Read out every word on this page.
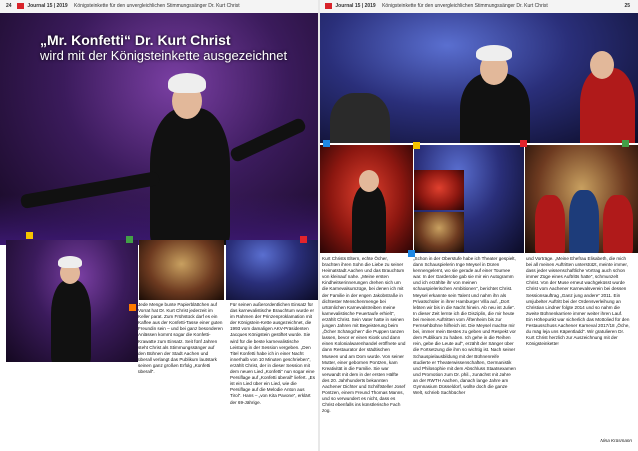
24	Journal 15 | 2019 Königsteinkette für den unvergleichlichen Stimmungssänger Dr. Kurt Christ	Journal 15 | 2019 Königsteinkette für den unvergleichlichen Stimmungssänger Dr. Kurt Christ	25
„Mr. Konfetti“ Dr. Kurt Christ
wird mit der Königsteinkette ausgezeichnet
Jede Menge bunte Papierblättchen auf Vorrat hat Dr. Kurt Christ jederzeit im Keller parat. Zum Frühstück darf es ein Kaffee aus der Konfetti-Tasse einer guten Freundin sein – und bei ganz besonderen Anlässen kommt sogar die Konfetti-Krawatte zum Einsatz. Seit fünf Jahren steht Christ als Stimmungssänger auf den Bühnen der Stadt Aachen und überall verlangt das Publikum lautstark seinen ganz großen Erfolg „Konfetti überall“.
Für seinen außerordentlichen Einsatz für das karnevalistische Brauchtum wurde er im Rahmen der Prinzenproklamation mit der Königstein-Kette ausgezeichnet, die 1993 vom damaligen AKV-Präsidenten Jacques Königstein gestiftet wurde. Sie wird für die beste karnevalistische Leistung in der Session vergeben. „Den Titel Konfetti habe ich in einer Nacht innerhalb von 10 Minuten geschrieben“, erzählt Christ, der in dieser Session mit dem neuen Lied „Konfetti“ nun sogar eine Persiflage auf „Konfetti überall“ liefert. „Es ist ein Lied über ein Lied, wie die Persiflage auf die Melodie Anton aus Tirol“. Hans – „von Kita Pavone“, erklärt der 69-Jährige.
Kurt Christs Eltern, echte Öcher, brachten ihren Sohn die Liebe zu seiner Heimatstadt Aachen und das Brauchtum von kleinauf nahe. „Meine ersten Kindheitserinnerungen drehen sich um die Karnevalsumzüge, bei denen ich mit der Familie in der engen Jakobstraße in dichtester Menschenmenge bei urtümlichen Karnevalstreiben meine karnevalistische Feuertaufe erhielt“, erzählt Christ. Sein Vater hatte in seinen jungen Jahren mit Begeisterung beim „Öcher Schängchen“ die Puppen tanzen lassen, bevor er einen Kiosk und dann einen Kolonialwarenhandel eröffnete und dann Restaurator der städtischen Museen und am Dom wurde. Von seiner Mutter, einer gebornen Pontzen, kam Kreativität in die Familie. Sie war verwandt mit dem in der ersten Hälfte des 20. Jahrhunderts bekannten Aachener Dichter und Schriftsteller Josef Pontzen, einem Freund Thomas Manns, und so verwundert es nicht, dass es Christ ebenfalls ins künstlerische Fach zog.
„Schon in der Oberstufe habe ich Theater gespielt, dann Schauspielerin Inge Meysel in Düren kennengelernt, wo sie gerade auf einer Tournee war. In der Garderobe gab sie mir ein Autogramm und ich erzählte ihr von meinen schauspielerischen Ambitionen“, berichtet Christ. Meysel erkannte sein Talent und nahm ihn als Privatschüler in ihrer Hamburger Villa auf. „Dort lebten wir bis in die Nacht hinein. Ab neu ist Julie“. In dieser Zeit lernte ich die Disziplin, die mir heute bei meinen Auftritten vom Äftenheim bis zur Fernsehbühne hilfreich ist. Die Meysel machte mir bei, immer mein Bestes zu geben und Respekt vor dem Publikum zu haben. Ich gehe in die Reihen rein, gebe die Leute auf“, erzählt der Sänger über die Fortsetzung die ihm so wichtig ist. Nach seiner Schauspielausbildung mit der Bühnenreife studierte er Theaterwissenschaften, Germanistik und Philosophie mit dem Abschluss Staatsexamen und Promotion zum Dr. phil., zunächst mit Jahre an der RWTH Aachen, danach lange Jahre am Gymnasium Düsseldorf, wollte doch die ganze Welt, schrieb Sachbücher
und Vorträge. „Meine Ehefrau Elisabeth, die mich bei all meinen Auftritten unterstützt, meinte immer, dass jeder wissenschaftliche Vortrag auch schon immer Züge eines Auftritts hatte“, schmunzelt Christ. Von der Muse erneut wachgeküsst wurde Christ vom Aachener Karnevalsverein bei dessen Sessionsauftrag „Ganz jung andere“ 2011. Ein umjubelter Auftritt bei der Ordensverleihung an Christian Lindner folgte 2014 und so nahm die zweite Bühnenkarriere immer weiter ihren Lauf. Ein Höhepunkt war sicherlich das Mottolied für den Festausschuss Aachener Karneval 2017/18 „Öche, du mäg leja uns Käpentladd“. Wir gratulieren Dr. Kurt Christ herzlich zur Auszeichnung mit der Königsteinkette!
Nina Krüsmann
